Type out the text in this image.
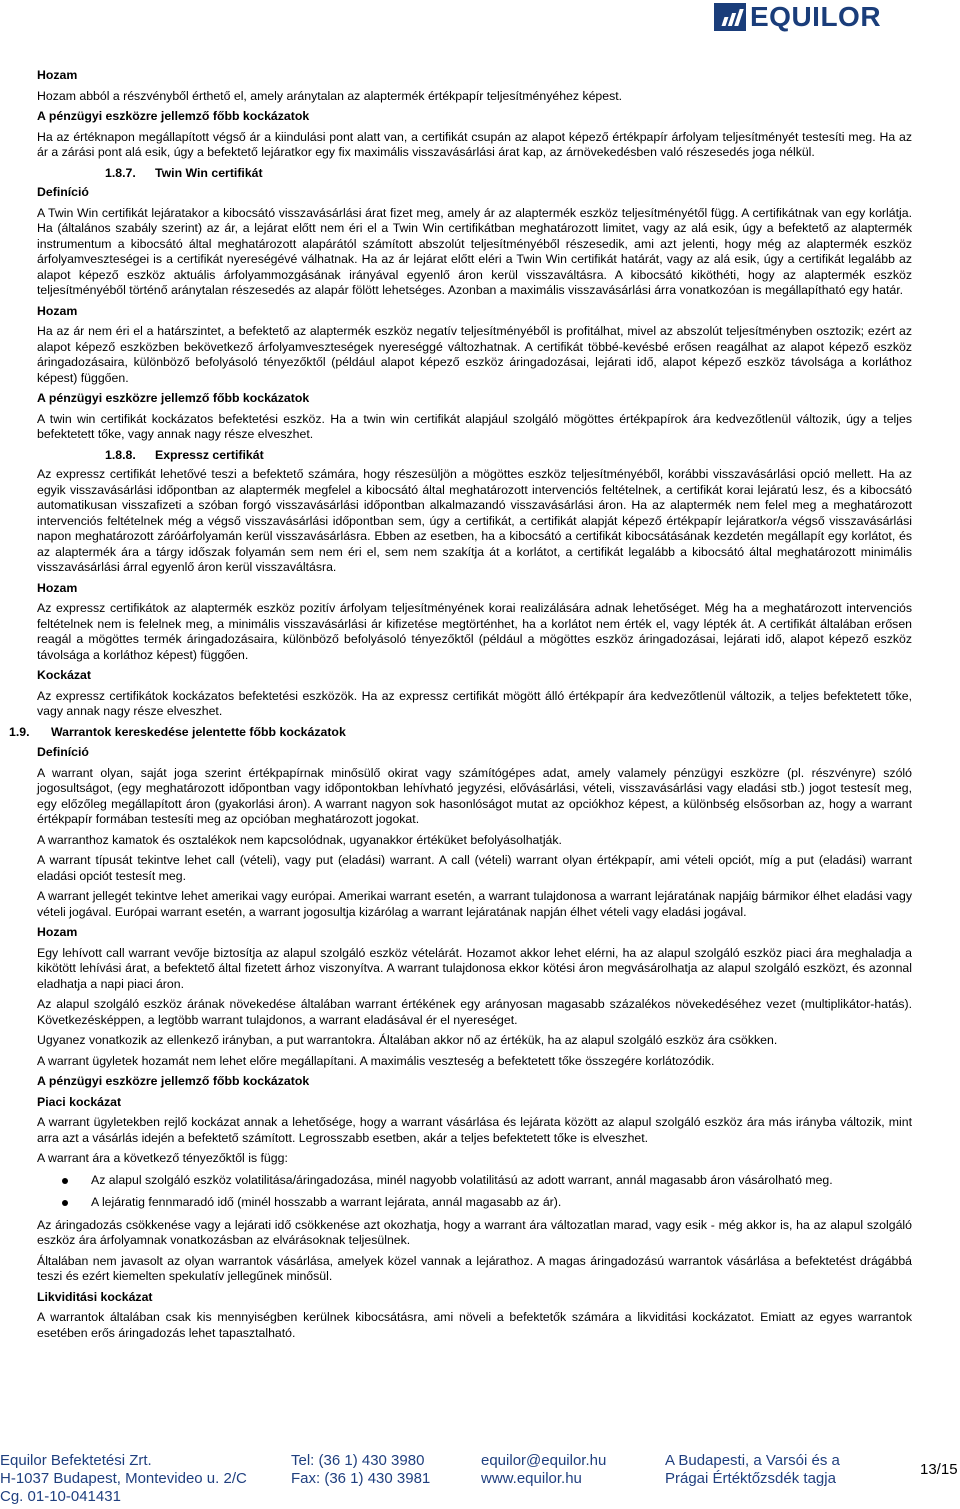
EQUILOR
Hozam

Hozam abból a részvényből érthető el, amely aránytalan az alaptermék értékpapír teljesítményéhez képest.

A pénzügyi eszközre jellemző főbb kockázatok

Ha az értéknapon megállapított végső ár a kiindulási pont alatt van, a certifikát csupán az alapot képező értékpapír árfolyam teljesítményét testesíti meg. Ha az ár a zárási pont alá esik, úgy a befektető lejáratkor egy fix maximális visszavásárlási árat kap, az árnövekedésben való részesedés joga nélkül.

1.8.7. Twin Win certifikát
Definíció

A Twin Win certifikát lejáratakor a kibocsátó visszavásárlási árat fizet meg, amely ár az alaptermék eszköz teljesítményétől függ. A certifikátnak van egy korlátja. Ha (általános szabály szerint) az ár, a lejárat előtt nem éri el a Twin Win certifikátban meghatározott limitet, vagy az alá esik, úgy a befektető az alaptermék instrumentum a kibocsátó által meghatározott alapárától számított abszolút teljesítményéből részesedik, ami azt jelenti, hogy még az alaptermék eszköz árfolyamveszteségei is a certifikát nyereségévé válhatnak. Ha az ár lejárat előtt eléri a Twin Win certifikát határát, vagy az alá esik, úgy a certifikát legalább az alapot képező eszköz aktuális árfolyammozgásának irányával egyenlő áron kerül visszaváltásra. A kibocsátó kiköthéti, hogy az alaptermék eszköz teljesítményéből történő aránytalan részesedés az alapár fölött lehetséges. Azonban a maximális visszavásárlási árra vonatkozóan is megállapítható egy határ.

Hozam

Ha az ár nem éri el a határszintet, a befektető az alaptermék eszköz negatív teljesítményéből is profitálhat, mivel az abszolút teljesítményben osztozik; ezért az alapot képező eszközben bekövetkező árfolyamveszteségek nyereséggé változhatnak. A certifikát többé-kevésbé erősen reagálhat az alapot képező eszköz áringadozásaira, különböző befolyásoló tényezőktől (például alapot képező eszköz áringadozásai, lejárati idő, alapot képező eszköz távolsága a korláthoz képest) függően.

A pénzügyi eszközre jellemző főbb kockázatok

A twin win certifikát kockázatos befektetési eszköz. Ha a twin win certifikát alapjául szolgáló mögöttes értékpapírok ára kedvezőtlenül változik, úgy a teljes befektetett tőke, vagy annak nagy része elveszhet.

1.8.8. Expressz certifikát

Az expressz certifikát lehetővé teszi a befektető számára, hogy részesüljön a mögöttes eszköz teljesítményéből, korábbi visszavásárlási opció mellett. Ha az egyik visszavásárlási időpontban az alaptermék megfelel a kibocsátó által meghatározott intervenciós feltételnek, a certifikát korai lejáratú lesz, és a kibocsátó automatikusan visszafizeti a szóban forgó visszavásárlási időpontban alkalmazandó visszavásárlási áron. Ha az alaptermék nem felel meg a meghatározott intervenciós feltételnek még a végső visszavásárlási időpontban sem, úgy a certifikát, a certifikát alapját képező értékpapír lejáratkor/a végső visszavásárlási napon meghatározott záróárfolyamán kerül visszavásárlásra. Ebben az esetben, ha a kibocsátó a certifikát kibocsátásának kezdetén megállapít egy korlátot, és az alaptermék ára a tárgy időszak folyamán sem nem éri el, sem nem szakítja át a korlátot, a certifikát legalább a kibocsátó által meghatározott minimális visszavásárlási árral egyenlő áron kerül visszaváltásra.

Hozam

Az expressz certifikátok az alaptermék eszköz pozitív árfolyam teljesítményének korai realizálására adnak lehetőséget. Még ha a meghatározott intervenciós feltételnek nem is felelnek meg, a minimális visszavásárlási ár kifizetése megtörténhet, ha a korlátot nem érték el, vagy lépték át. A certifikát általában erősen reagál a mögöttes termék áringadozásaira, különböző befolyásoló tényezőktől (például a mögöttes eszköz áringadozásai, lejárati idő, alapot képező eszköz távolsága a korláthoz képest) függően.

Kockázat

Az expressz certifikátok kockázatos befektetési eszközök. Ha az expressz certifikát mögött álló értékpapír ára kedvezőtlenül változik, a teljes befektetett tőke, vagy annak nagy része elveszhet.

1.9. Warrantok kereskedése jelentette főbb kockázatok
Definíció

A warrant olyan, saját joga szerint értékpapírnak minősülő okirat vagy számítógépes adat, amely valamely pénzügyi eszközre (pl. részvényre) szóló jogosultságot, (egy meghatározott időpontban vagy időpontokban lehívható jegyzési, elővásárlási, vételi, visszavásárlási vagy eladási stb.) jogot testesít meg, egy előzőleg megállapított áron (gyakorlási áron). A warrant nagyon sok hasonlóságot mutat az opciókhoz képest, a különbség elsősorban az, hogy a warrant értékpapír formában testesíti meg az opcióban meghatározott jogokat.

A warranthoz kamatok és osztalékok nem kapcsolódnak, ugyanakkor értéküket befolyásolhatják.

A warrant típusát tekintve lehet call (vételi), vagy put (eladási) warrant. A call (vételi) warrant olyan értékpapír, ami vételi opciót, míg a put (eladási) warrant eladási opciót testesít meg.

A warrant jellegét tekintve lehet amerikai vagy európai. Amerikai warrant esetén, a warrant tulajdonosa a warrant lejáratának napjáig bármikor élhet eladási vagy vételi jogával. Európai warrant esetén, a warrant jogosultja kizárólag a warrant lejáratának napján élhet vételi vagy eladási jogával.

Hozam

Egy lehívott call warrant vevője biztosítja az alapul szolgáló eszköz vételárát. Hozamot akkor lehet elérni, ha az alapul szolgáló eszköz piaci ára meghaladja a kikötött lehívási árat, a befektető által fizetett árhoz viszonyítva. A warrant tulajdonosa ekkor kötési áron megvásárolhatja az alapul szolgáló eszközt, és azonnal eladhatja a napi piaci áron.

Az alapul szolgáló eszköz árának növekedése általában warrant értékének egy arányosan magasabb százalékos növekedéséhez vezet (multiplikátor-hatás). Következésképpen, a legtöbb warrant tulajdonos, a warrant eladásával ér el nyereséget.

Ugyanez vonatkozik az ellenkező irányban, a put warrantokra. Általában akkor nő az értékük, ha az alapul szolgáló eszköz ára csökken.

A warrant ügyletek hozamát nem lehet előre megállapítani. A maximális veszteség a befektetett tőke összegére korlátozódik.

A pénzügyi eszközre jellemző főbb kockázatok
Piaci kockázat

A warrant ügyletekben rejlő kockázat annak a lehetősége, hogy a warrant vásárlása és lejárata között az alapul szolgáló eszköz ára más irányba változik, mint arra azt a vásárlás idején a befektető számított. Legrosszabb esetben, akár a teljes befektetett tőke is elveszhet.

A warrant ára a következő tényezőktől is függ:

Az alapul szolgáló eszköz volatilitása/áringadozása, minél nagyobb volatilitású az adott warrant, annál magasabb áron vásárolható meg.
A lejáratig fennmaradó idő (minél hosszabb a warrant lejárata, annál magasabb az ár).

Az áringadozás csökkenése vagy a lejárati idő csökkenése azt okozhatja, hogy a warrant ára változatlan marad, vagy esik - még akkor is, ha az alapul szolgáló eszköz ára árfolyamnak vonatkozásban az elvárásoknak teljesülnek.

Általában nem javasolt az olyan warrantok vásárlása, amelyek közel vannak a lejárathoz. A magas áringadozású warrantok vásárlása a befektetést drágábbá teszi és ezért kiemelten spekulatív jellegűnek minősül.

Likviditási kockázat

A warrantok általában csak kis mennyiségben kerülnek kibocsátásra, ami növeli a befektetők számára a likviditási kockázatot. Emiatt az egyes warrantok esetében erős áringadozás lehet tapasztalható.

Equilor Befektetési Zrt.
H-1037 Budapest, Montevideo u. 2/C
Cg. 01-10-041431
Tel: (36 1) 430 3980
Fax: (36 1) 430 3981
equilor@equilor.hu
www.equilor.hu
A Budapesti, a Varsói és a
Prágai Értéktőzsdék tagja
13/15
